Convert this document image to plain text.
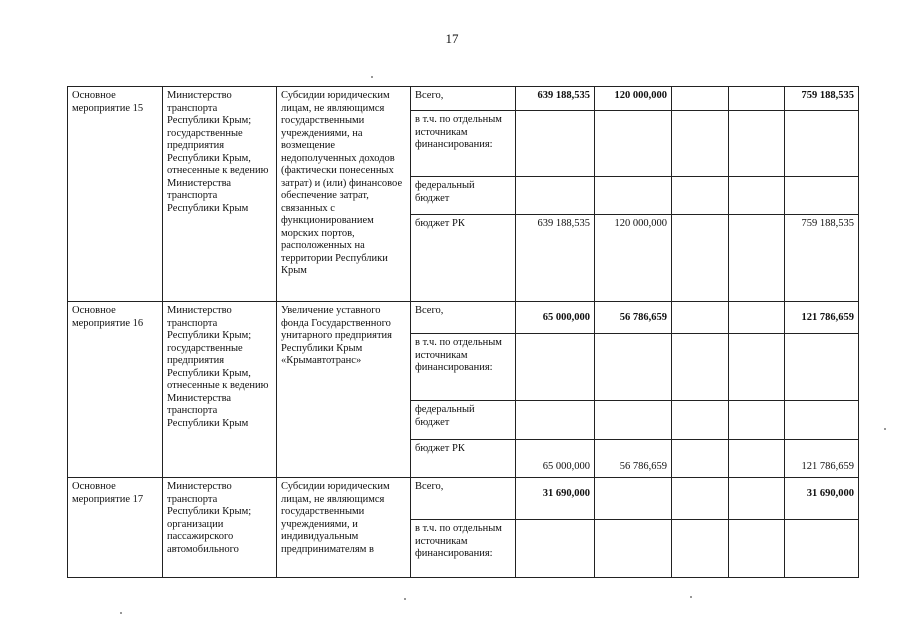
17
Основное мероприятие 15	Министерство транспорта Республики Крым; государственные предприятия Республики Крым, отнесенные к ведению Министерства транспорта Республики Крым	Субсидии юридическим лицам, не являющимся государственными учреждениями, на возмещение недополученных доходов (фактически понесенных затрат) и (или) финансовое обеспечение затрат, связанных с функционированием морских портов, расположенных на территории Республики Крым	Всего,	639 188,535	120 000,000			759 188,535
			в т.ч. по отдельным источникам финансирования:					
			федеральный бюджет					
			бюджет РК	639 188,535	120 000,000			759 188,535
Основное мероприятие 16	Министерство транспорта Республики Крым; государственные предприятия Республики Крым, отнесенные к ведению Министерства транспорта Республики Крым	Увеличение уставного фонда Государственного унитарного предприятия Республики Крым «Крымавтотранс»	Всего,	65 000,000	56 786,659			121 786,659
			в т.ч. по отдельным источникам финансирования:					
			федеральный бюджет					
			бюджет РК	65 000,000	56 786,659			121 786,659
Основное мероприятие 17	Министерство транспорта Республики Крым; организации пассажирского автомобильного	Субсидии юридическим лицам, не являющимся государственными учреждениями, и индивидуальным предпринимателям в	Всего,	31 690,000				31 690,000
			в т.ч. по отдельным источникам финансирования:					
